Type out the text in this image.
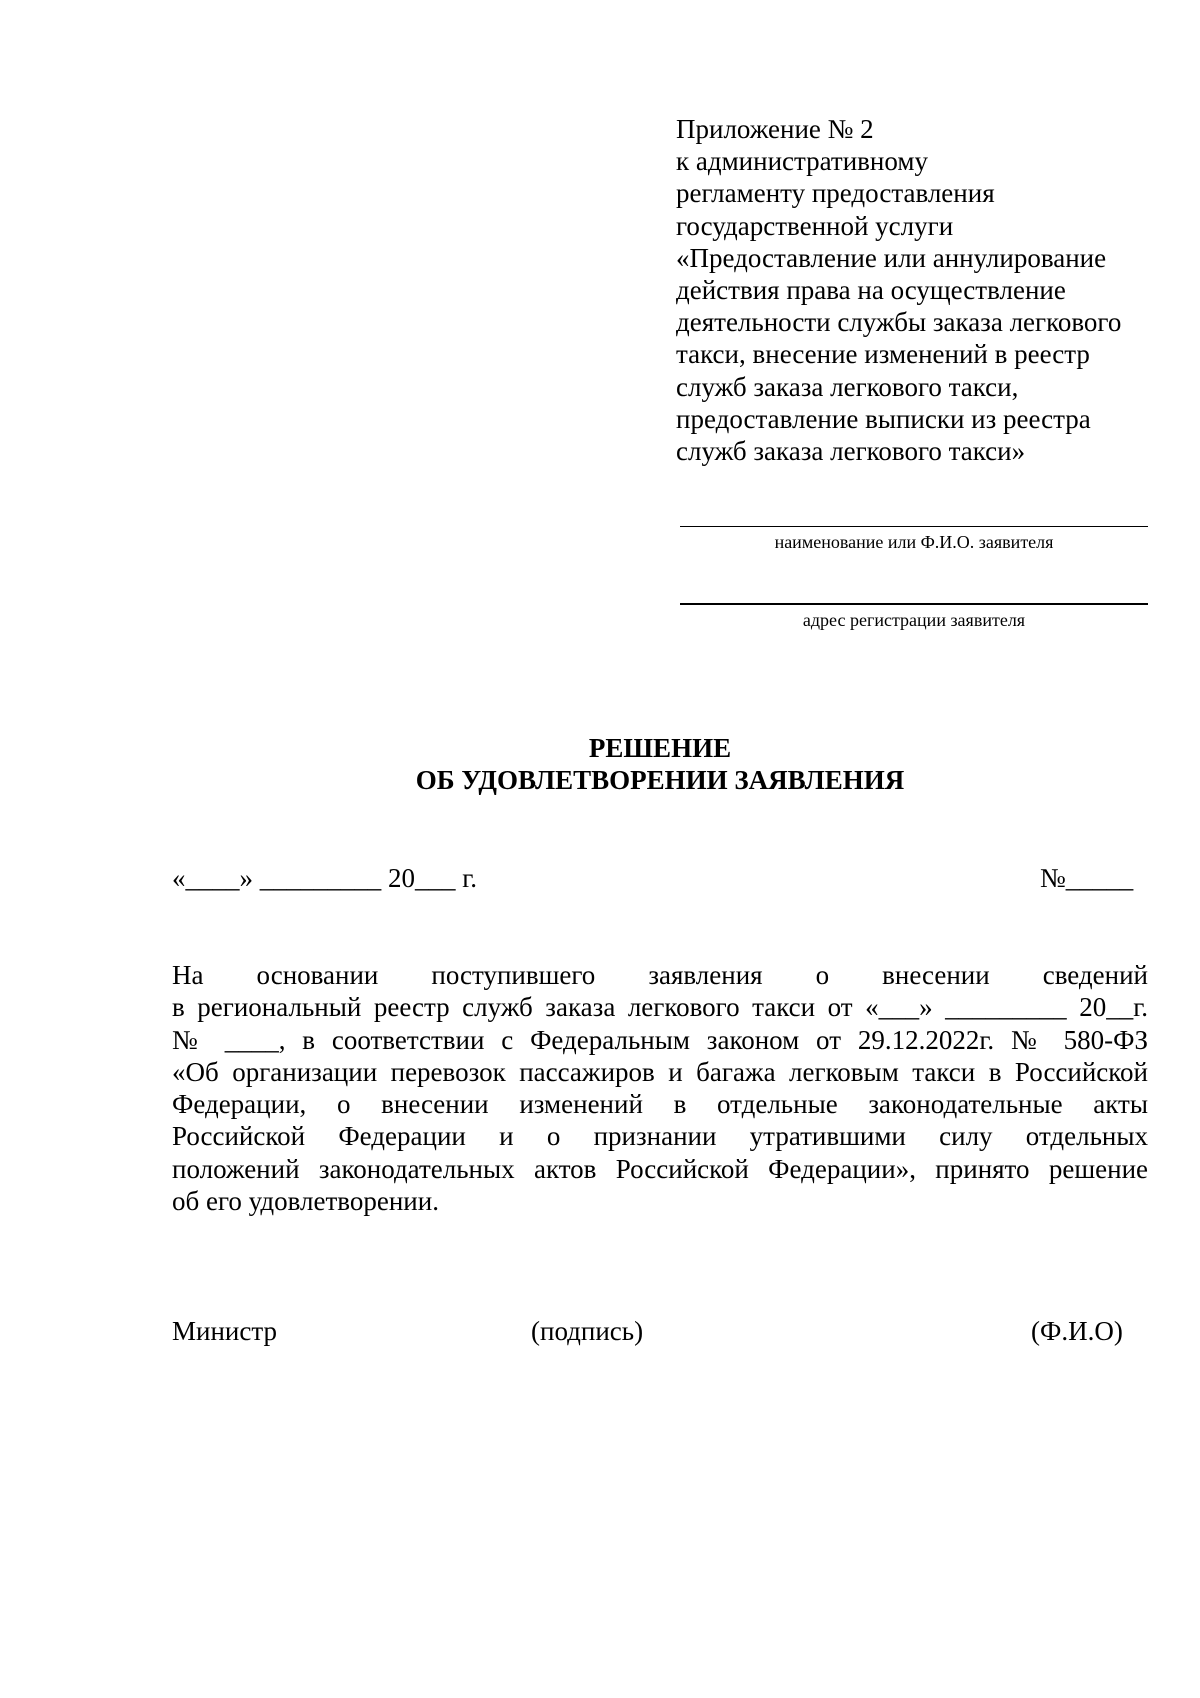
Приложение № 2
к административному
регламенту предоставления
государственной услуги
«Предоставление или аннулирование
действия права на осуществление
деятельности службы заказа легкового
такси, внесение изменений в реестр
служб заказа легкового такси,
предоставление выписки из реестра
служб заказа легкового такси»
наименование или Ф.И.О. заявителя
адрес регистрации заявителя
РЕШЕНИЕ
ОБ УДОВЛЕТВОРЕНИИ ЗАЯВЛЕНИЯ
«____» _________ 20___ г.	№_____
На основании поступившего заявления о внесении сведений
в региональный реестр служб заказа легкового такси от «___» _________ 20__г.
№ ____, в соответствии с Федеральным законом от 29.12.2022г. № 580-ФЗ
«Об организации перевозок пассажиров и багажа легковым такси в Российской
Федерации, о внесении изменений в отдельные законодательные акты
Российской Федерации и о признании утратившими силу отдельных
положений законодательных актов Российской Федерации», принято решение
об его удовлетворении.
Министр	(подпись)	(Ф.И.О)
